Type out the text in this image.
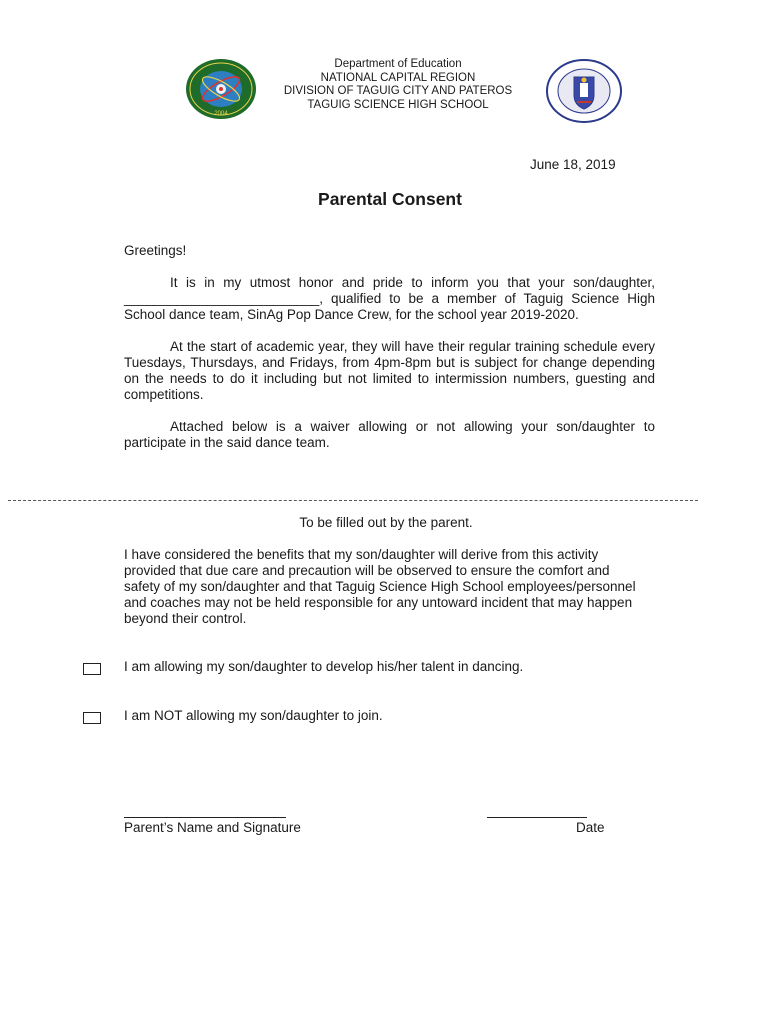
2004
Department of Education
NATIONAL CAPITAL REGION
DIVISION OF TAGUIG CITY AND PATEROS
TAGUIG SCIENCE HIGH SCHOOL
June 18, 2019
Parental Consent

Greetings!

It is in my utmost honor and pride to inform you that your son/daughter, __________________________, qualified to be a member of Taguig Science High School dance team, SinAg Pop Dance Crew, for the school year 2019-2020.

At the start of academic year, they will have their regular training schedule every Tuesdays, Thursdays, and Fridays, from 4pm-8pm but is subject for change depending on the needs to do it including but not limited to intermission numbers, guesting and competitions.

Attached below is a waiver allowing or not allowing your son/daughter to participate in the said dance team.

To be filled out by the parent.

I have considered the benefits that my son/daughter will derive from this activity provided that due care and precaution will be observed to ensure the comfort and safety of my son/daughter and that Taguig Science High School employees/personnel and coaches may not be held responsible for any untoward incident that may happen beyond their control.

I am allowing my son/daughter to develop his/her talent in dancing.
I am NOT allowing my son/daughter to join.
Parent’s Name and Signature	Date
